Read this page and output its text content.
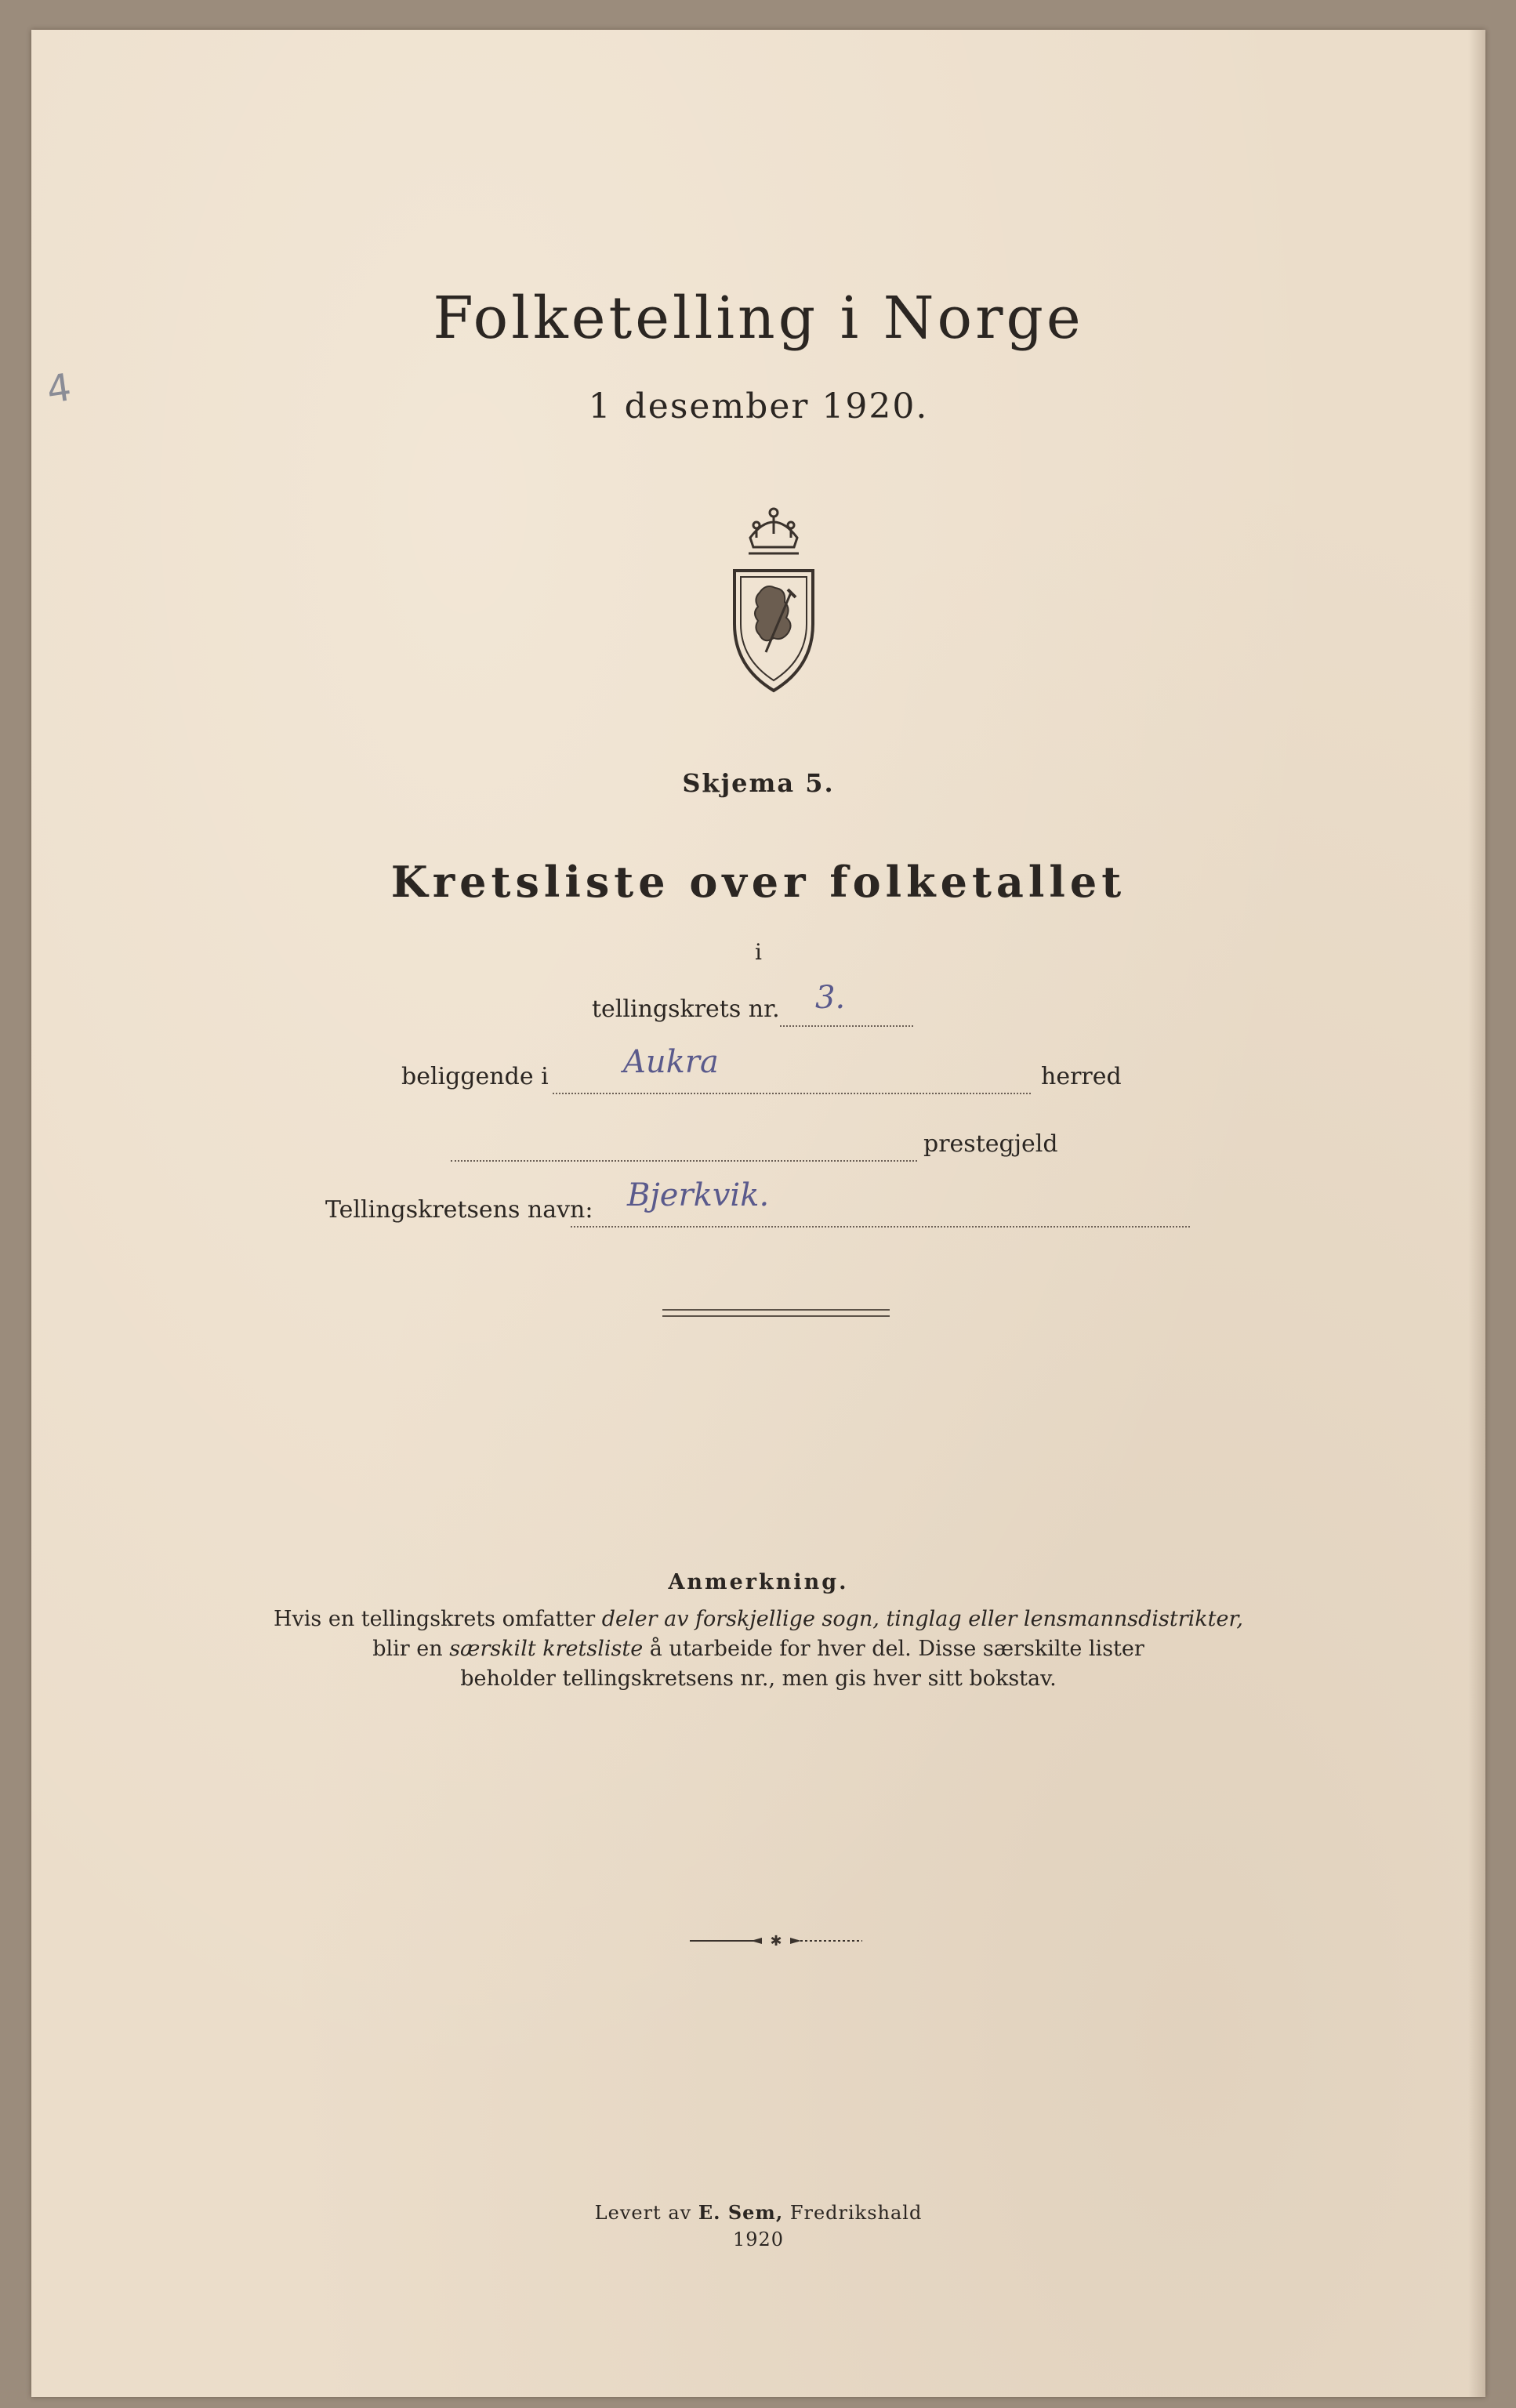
4
Folketelling i Norge
1 desember 1920.
Skjema 5.
Kretsliste over folketallet
i
tellingskrets nr. 3.
beliggende i Aukra	herred
prestegjeld
Tellingskretsens navn: Bjerkvik.
Anmerkning.
Hvis en tellingskrets omfatter deler av forskjellige sogn, tinglag eller lensmannsdistrikter,
blir en særskilt kretsliste å utarbeide for hver del. Disse særskilte lister
beholder tellingskretsens nr., men gis hver sitt bokstav.
✱
Levert av E. Sem, Fredrikshald
1920
